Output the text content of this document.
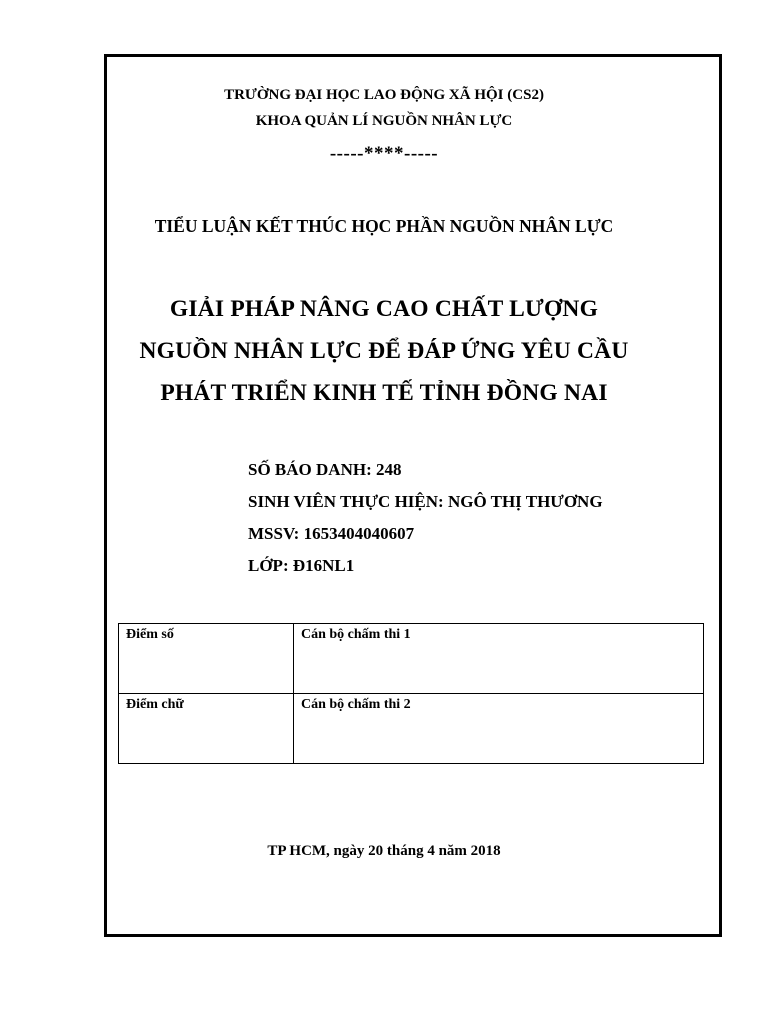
TRƯỜNG ĐẠI HỌC LAO ĐỘNG XÃ HỘI (CS2)
KHOA QUẢN LÍ NGUỒN NHÂN LỰC
-----****-----
TIỂU LUẬN KẾT THÚC HỌC PHẦN NGUỒN NHÂN LỰC
GIẢI PHÁP NÂNG CAO CHẤT LƯỢNG
NGUỒN NHÂN LỰC ĐỂ ĐÁP ỨNG YÊU CẦU
PHÁT TRIỂN KINH TẾ TỈNH ĐỒNG NAI
SỐ BÁO DANH: 248
SINH VIÊN THỰC HIỆN: NGÔ THỊ THƯƠNG
MSSV: 1653404040607
LỚP: Đ16NL1
Điểm số	Cán bộ chấm thi 1
Điểm chữ	Cán bộ chấm thi 2
TP HCM, ngày 20 tháng 4 năm 2018
